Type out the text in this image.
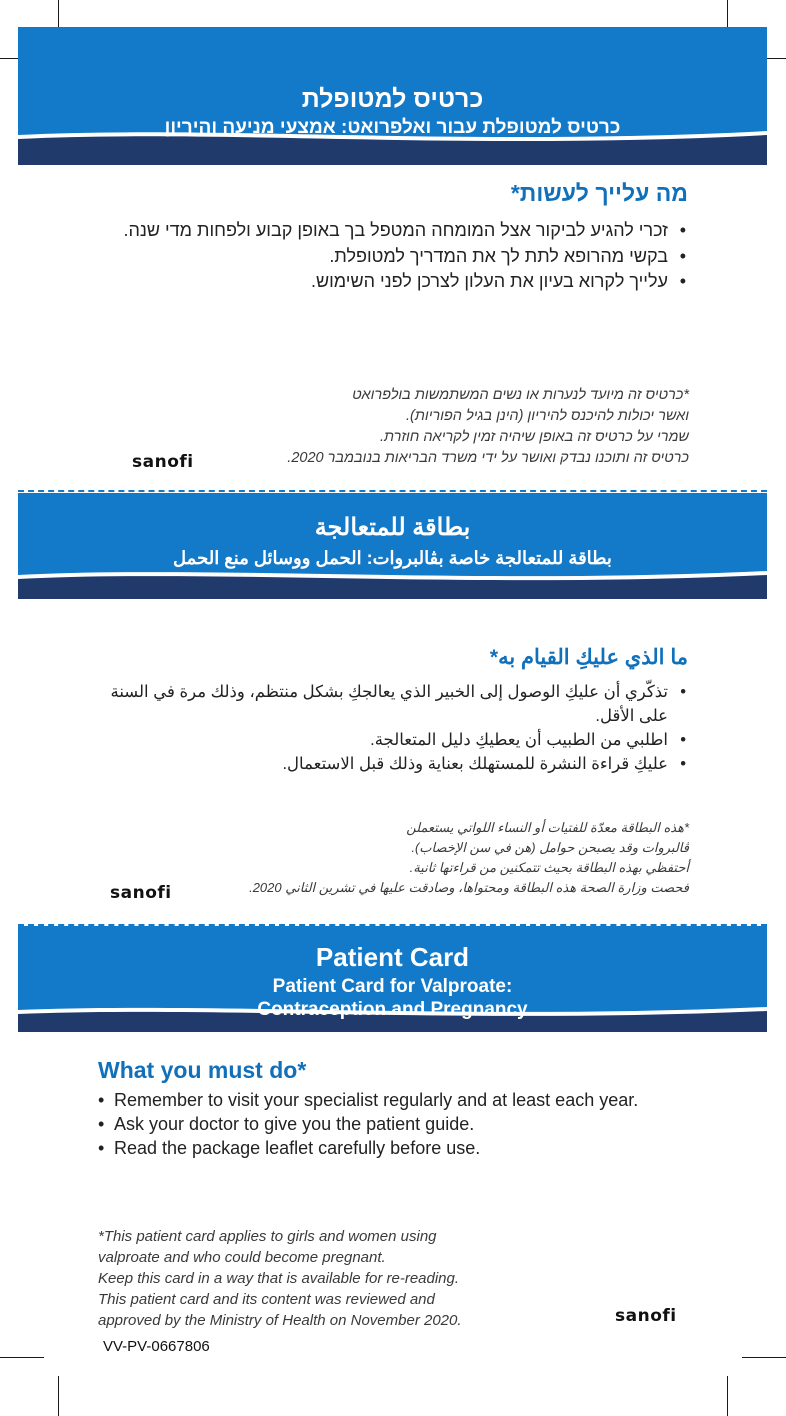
כרטיס למטופלת
כרטיס למטופלת עבור ואלפרואט: אמצעי מניעה והיריון
מה עלייך לעשות*
• זכרי להגיע לביקור אצל המומחה המטפל בך באופן קבוע ולפחות מדי שנה.
• בקשי מהרופא לתת לך את המדריך למטופלת.
• עלייך לקרוא בעיון את העלון לצרכן לפני השימוש.
*כרטיס זה מיועד לנערות או נשים המשתמשות בולפרואט
ואשר יכולות להיכנס להיריון (הינן בגיל הפוריות).
שמרי על כרטיס זה באופן שיהיה זמין לקריאה חוזרת.
כרטיס זה ותוכנו נבדק ואושר על ידי משרד הבריאות בנובמבר 2020.
sanofi
بطاقة للمتعالجة
بطاقة للمتعالجة خاصة بڤالبروات: الحمل ووسائل منع الحمل
ما الذي عليكِ القيام به*
• تذكّري أن عليكِ الوصول إلى الخبير الذي يعالجكِ بشكل منتظم، وذلك مرة في السنة على الأقل.
• اطلبي من الطبيب أن يعطيكِ دليل المتعالجة.
• عليكِ قراءة النشرة للمستهلك بعناية وذلك قبل الاستعمال.
*هذه البطاقة معدّة للفتيات أو النساء اللواتي يستعملن
ڤالبروات وقد يصبحن حوامل (هن في سن الإخصاب).
أحتفظي بهذه البطاقة بحيث تتمكنين من قراءتها ثانية.
فحصت وزارة الصحة هذه البطاقة ومحتواها، وصادقت عليها في تشرين الثاني 2020.
sanofi
Patient Card
Patient Card for Valproate:
Contraception and Pregnancy
What you must do*
• Remember to visit your specialist regularly and at least each year.
• Ask your doctor to give you the patient guide.
• Read the package leaflet carefully before use.
*This patient card applies to girls and women using
valproate and who could become pregnant.
Keep this card in a way that is available for re-reading.
This patient card and its content was reviewed and
approved by the Ministry of Health on November 2020.	sanofi
VV-PV-0667806
